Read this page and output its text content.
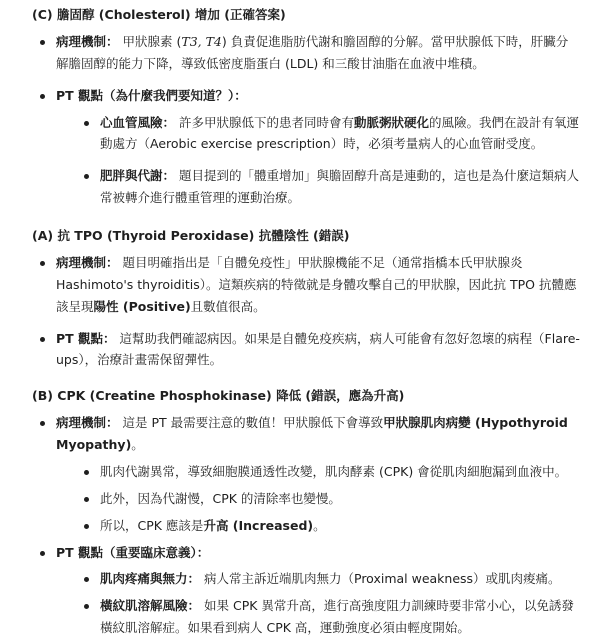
(C) 膽固醇 (Cholesterol) 增加 (正確答案)
病理機制： 甲狀腺素 (T3, T4) 負責促進脂肪代謝和膽固醇的分解。當甲狀腺低下時，肝臟分解膽固醇的能力下降，導致低密度脂蛋白 (LDL) 和三酸甘油脂在血液中堆積。
PT 觀點（為什麼我們要知道？）：
心血管風險： 許多甲狀腺低下的患者同時會有動脈粥狀硬化的風險。我們在設計有氧運動處方（Aerobic exercise prescription）時，必須考量病人的心血管耐受度。
肥胖與代謝： 題目提到的「體重增加」與膽固醇升高是連動的，這也是為什麼這類病人常被轉介進行體重管理的運動治療。
(A) 抗 TPO (Thyroid Peroxidase) 抗體陰性 (錯誤)
病理機制： 題目明確指出是「自體免疫性」甲狀腺機能不足（通常指橋本氏甲狀腺炎 Hashimoto's thyroiditis）。這類疾病的特徵就是身體攻擊自己的甲狀腺，因此抗 TPO 抗體應該呈現陽性 (Positive)且數值很高。
PT 觀點： 這幫助我們確認病因。如果是自體免疫疾病，病人可能會有忽好忽壞的病程（Flare-ups），治療計畫需保留彈性。
(B) CPK (Creatine Phosphokinase) 降低 (錯誤，應為升高)
病理機制： 這是 PT 最需要注意的數值！甲狀腺低下會導致甲狀腺肌肉病變 (Hypothyroid Myopathy)。
肌肉代謝異常，導致細胞膜通透性改變，肌肉酵素 (CPK) 會從肌肉細胞漏到血液中。
此外，因為代謝慢，CPK 的清除率也變慢。
所以，CPK 應該是升高 (Increased)。
PT 觀點（重要臨床意義）：
肌肉疼痛與無力： 病人常主訴近端肌肉無力（Proximal weakness）或肌肉痠痛。
橫紋肌溶解風險： 如果 CPK 異常升高，進行高強度阻力訓練時要非常小心，以免誘發橫紋肌溶解症。如果看到病人 CPK 高，運動強度必須由輕度開始。
